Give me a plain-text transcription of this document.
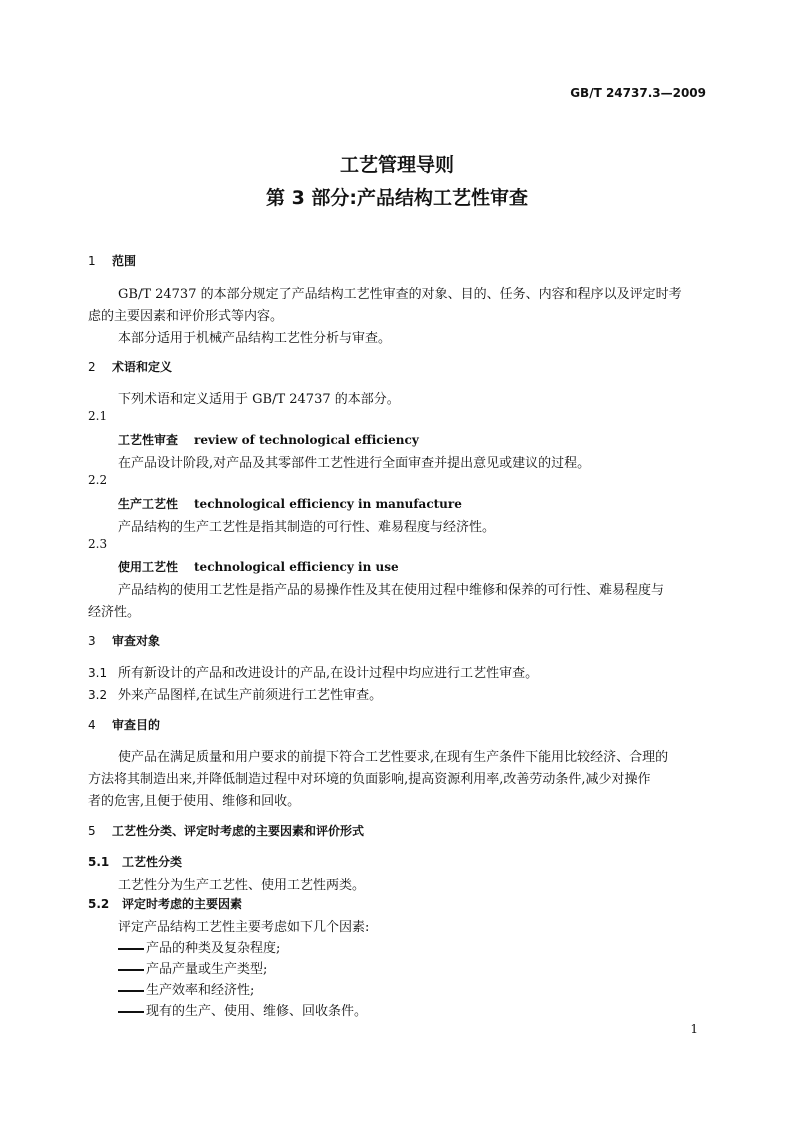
GB/T 24737.3—2009
工艺管理导则
第 3 部分:产品结构工艺性审查
1 范围
GB/T 24737 的本部分规定了产品结构工艺性审查的对象、目的、任务、内容和程序以及评定时考
虑的主要因素和评价形式等内容。
本部分适用于机械产品结构工艺性分析与审查。
2 术语和定义
下列术语和定义适用于 GB/T 24737 的本部分。
2.1
工艺性审查 review of technological efficiency
在产品设计阶段,对产品及其零部件工艺性进行全面审查并提出意见或建议的过程。
2.2
生产工艺性 technological efficiency in manufacture
产品结构的生产工艺性是指其制造的可行性、难易程度与经济性。
2.3
使用工艺性 technological efficiency in use
产品结构的使用工艺性是指产品的易操作性及其在使用过程中维修和保养的可行性、难易程度与
经济性。
3 审查对象
3.1 所有新设计的产品和改进设计的产品,在设计过程中均应进行工艺性审查。
3.2 外来产品图样,在试生产前须进行工艺性审查。
4 审查目的
使产品在满足质量和用户要求的前提下符合工艺性要求,在现有生产条件下能用比较经济、合理的
方法将其制造出来,并降低制造过程中对环境的负面影响,提高资源利用率,改善劳动条件,减少对操作
者的危害,且便于使用、维修和回收。
5 工艺性分类、评定时考虑的主要因素和评价形式
5.1 工艺性分类
工艺性分为生产工艺性、使用工艺性两类。
5.2 评定时考虑的主要因素
评定产品结构工艺性主要考虑如下几个因素:
产品的种类及复杂程度;
产品产量或生产类型;
生产效率和经济性;
现有的生产、使用、维修、回收条件。
1
